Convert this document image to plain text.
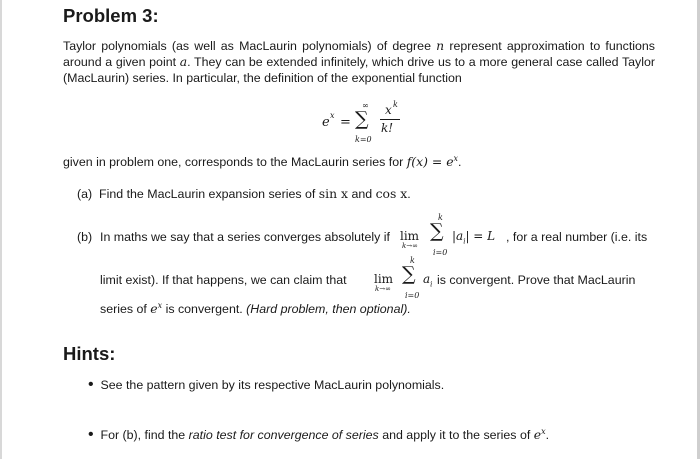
Problem 3:
Taylor polynomials (as well as MacLaurin polynomials) of degree n represent approximation to functions around a given point a. They can be extended infinitely, which drive us to a more general case called Taylor (MacLaurin) series. In particular, the definition of the exponential function
e x =
∞
∑
k=0
x k
k!
given in problem one, corresponds to the MacLaurin series for $f(x) = e^x$.
(a) Find the MacLaurin expansion series of sin x and cos x.
(b) In maths we say that a series converges absolutely if lim
k→∞
k
∑
i=0
$|a_i| = L$ , for a real number (i.e. its
limit exist). If that happens, we can claim that lim
k→∞
k
∑
i=0
$a_i$ is convergent. Prove that MacLaurin
series of $e^x$ is convergent. (Hard problem, then optional).
Hints:
• See the pattern given by its respective MacLaurin polynomials.
• For (b), find the ratio test for convergence of series and apply it to the series of $e^x$.
